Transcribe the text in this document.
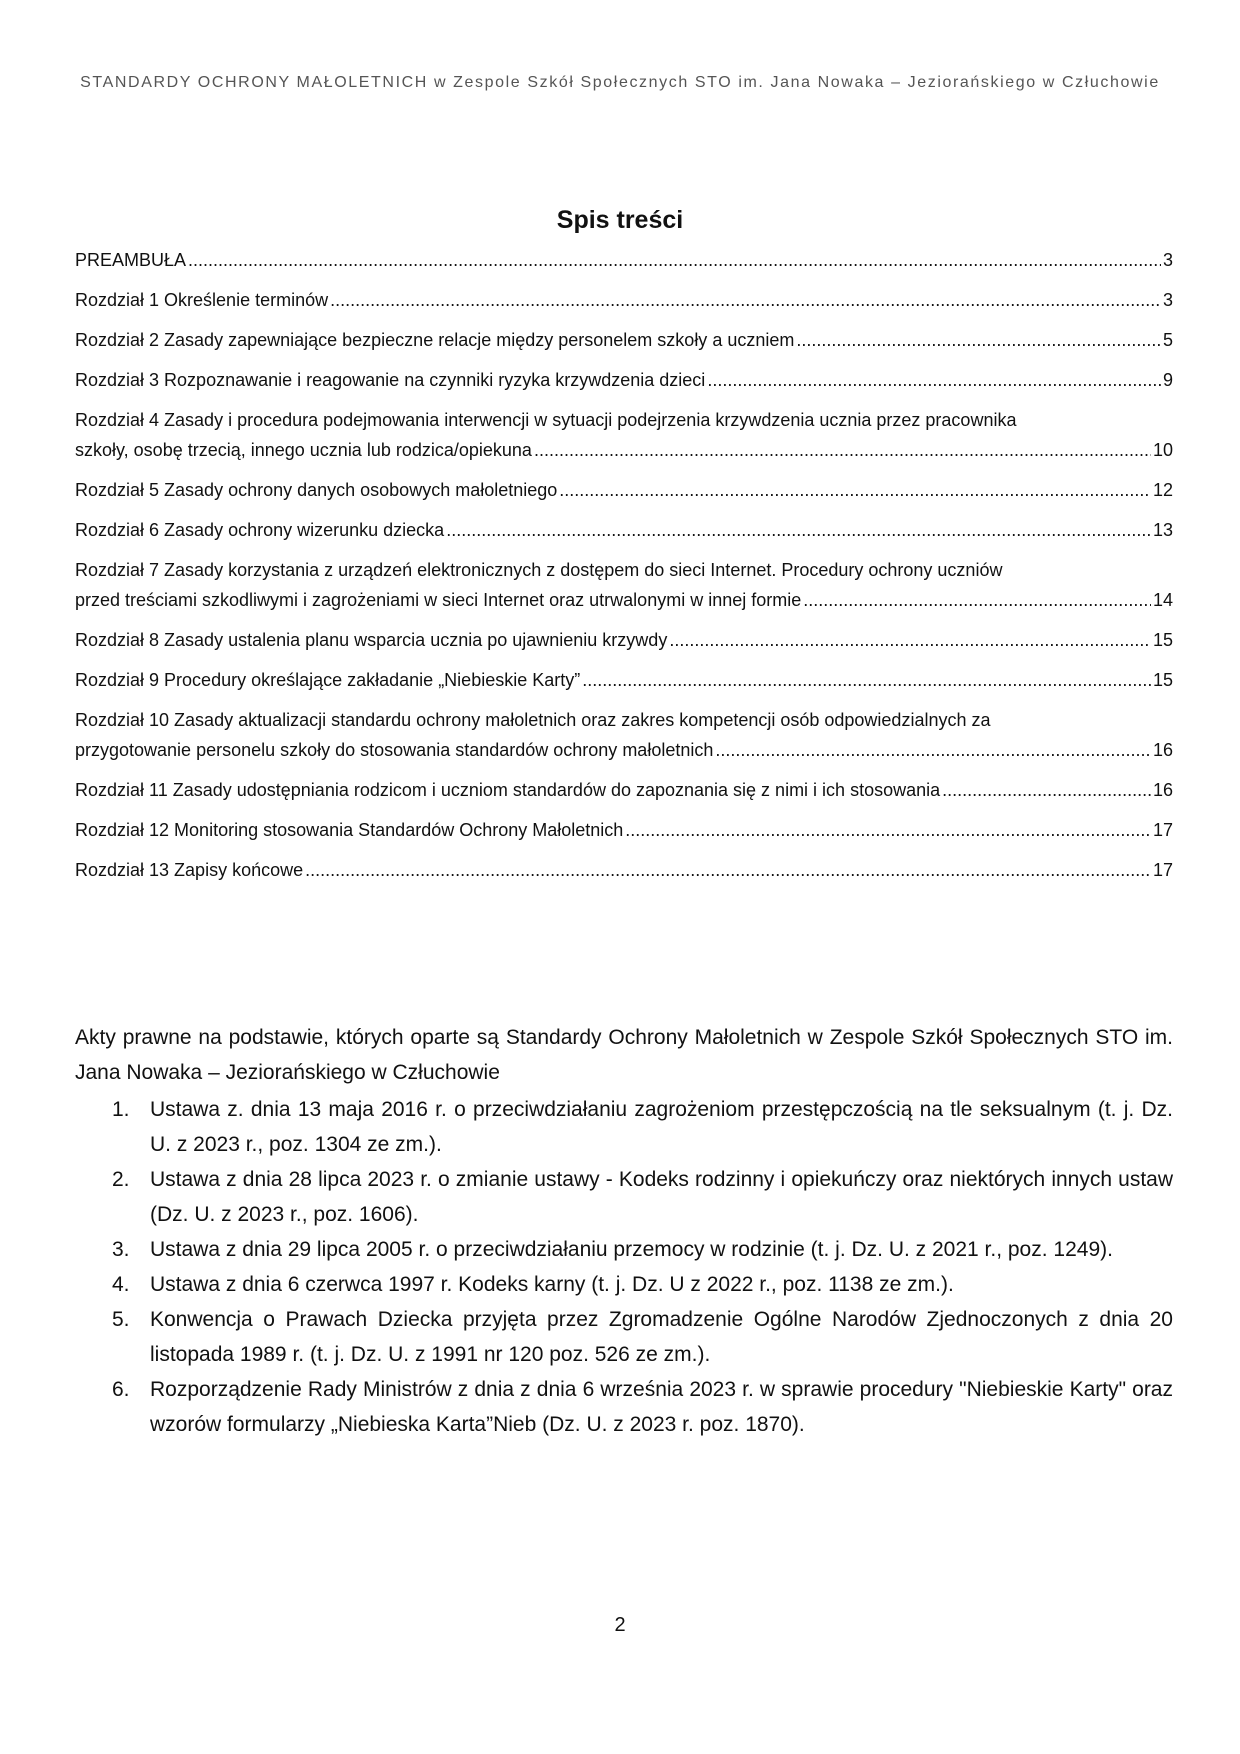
STANDARDY OCHRONY MAŁOLETNICH w Zespole Szkół Społecznych STO im. Jana Nowaka – Jeziorańskiego w Człuchowie
Spis treści
PREAMBUŁA .....	3
Rozdział 1 Określenie terminów .....	3
Rozdział 2 Zasady zapewniające bezpieczne relacje między personelem szkoły a uczniem .....	5
Rozdział 3 Rozpoznawanie i reagowanie na czynniki ryzyka krzywdzenia dzieci .....	9
Rozdział 4 Zasady i procedura podejmowania interwencji w sytuacji podejrzenia krzywdzenia ucznia przez pracownika
szkoły, osobę trzecią, innego ucznia lub rodzica/opiekuna .....	10
Rozdział 5 Zasady ochrony danych osobowych małoletniego .....	12
Rozdział 6 Zasady ochrony wizerunku dziecka .....	13
Rozdział 7 Zasady korzystania z urządzeń elektronicznych z dostępem do sieci Internet. Procedury ochrony uczniów
przed treściami szkodliwymi i zagrożeniami w sieci Internet oraz utrwalonymi w innej formie .....	14
Rozdział 8 Zasady ustalenia planu wsparcia ucznia po ujawnieniu krzywdy .....	15
Rozdział 9 Procedury określające zakładanie „Niebieskie Karty” .....	15
Rozdział 10 Zasady aktualizacji standardu ochrony małoletnich oraz zakres kompetencji osób odpowiedzialnych za
przygotowanie personelu szkoły do stosowania standardów ochrony małoletnich .....	16
Rozdział 11 Zasady udostępniania rodzicom i uczniom standardów do zapoznania się z nimi i ich stosowania .....	16
Rozdział 12 Monitoring stosowania Standardów Ochrony Małoletnich .....	17
Rozdział 13 Zapisy końcowe .....	17

Akty prawne na podstawie, których oparte są Standardy Ochrony Małoletnich w Zespole Szkół Społecznych STO im. Jana Nowaka – Jeziorańskiego w Człuchowie

1. Ustawa z. dnia 13 maja 2016 r. o przeciwdziałaniu zagrożeniom przestępczością na tle seksualnym (t. j. Dz. U. z 2023 r., poz. 1304 ze zm.).
2. Ustawa z dnia 28 lipca 2023 r. o zmianie ustawy - Kodeks rodzinny i opiekuńczy oraz niektórych innych ustaw (Dz. U. z 2023 r., poz. 1606).
3. Ustawa z dnia 29 lipca 2005 r. o przeciwdziałaniu przemocy w rodzinie (t. j. Dz. U. z 2021 r., poz. 1249).
4. Ustawa z dnia 6 czerwca 1997 r. Kodeks karny (t. j. Dz. U z 2022 r., poz. 1138 ze zm.).
5. Konwencja o Prawach Dziecka przyjęta przez Zgromadzenie Ogólne Narodów Zjednoczonych z dnia 20 listopada 1989 r. (t. j. Dz. U. z 1991 nr 120 poz. 526 ze zm.).
6. Rozporządzenie Rady Ministrów z dnia z dnia 6 września 2023 r. w sprawie procedury "Niebieskie Karty" oraz wzorów formularzy „Niebieska Karta”Nieb (Dz. U. z 2023 r. poz. 1870).
2
